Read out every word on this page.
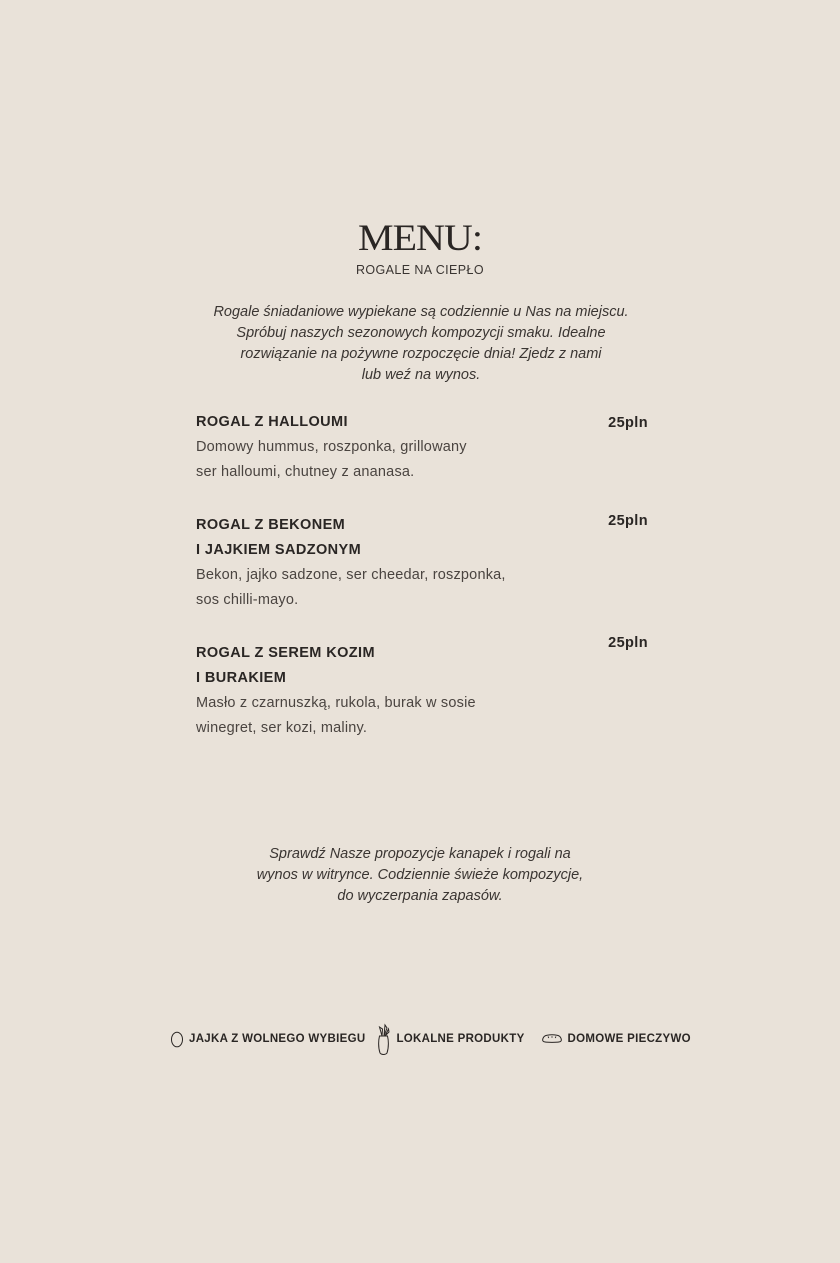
MENU:
ROGALE NA CIEPŁO
Rogale śniadaniowe wypiekane są codziennie u Nas na miejscu.
Spróbuj naszych sezonowych kompozycji smaku. Idealne
rozwiązanie na pożywne rozpoczęcie dnia! Zjedz z nami
lub weź na wynos.
ROGAL Z HALLOUMI
Domowy hummus, roszponka, grillowany
ser halloumi, chutney z ananasa.
25pln
ROGAL Z BEKONEM
I JAJKIEM SADZONYM
Bekon, jajko sadzone, ser cheedar, roszponka,
sos chilli-mayo.
25pln
ROGAL Z SEREM KOZIM
I BURAKIEM
Masło z czarnuszką, rukola, burak w sosie
winegret, ser kozi, maliny.
25pln
Sprawdź Nasze propozycje kanapek i rogali na
wynos w witrynce. Codziennie świeże kompozycje,
do wyczerpania zapasów.
JAJKA Z WOLNEGO WYBIEGU	LOKALNE PRODUKTY	DOMOWE PIECZYWO
